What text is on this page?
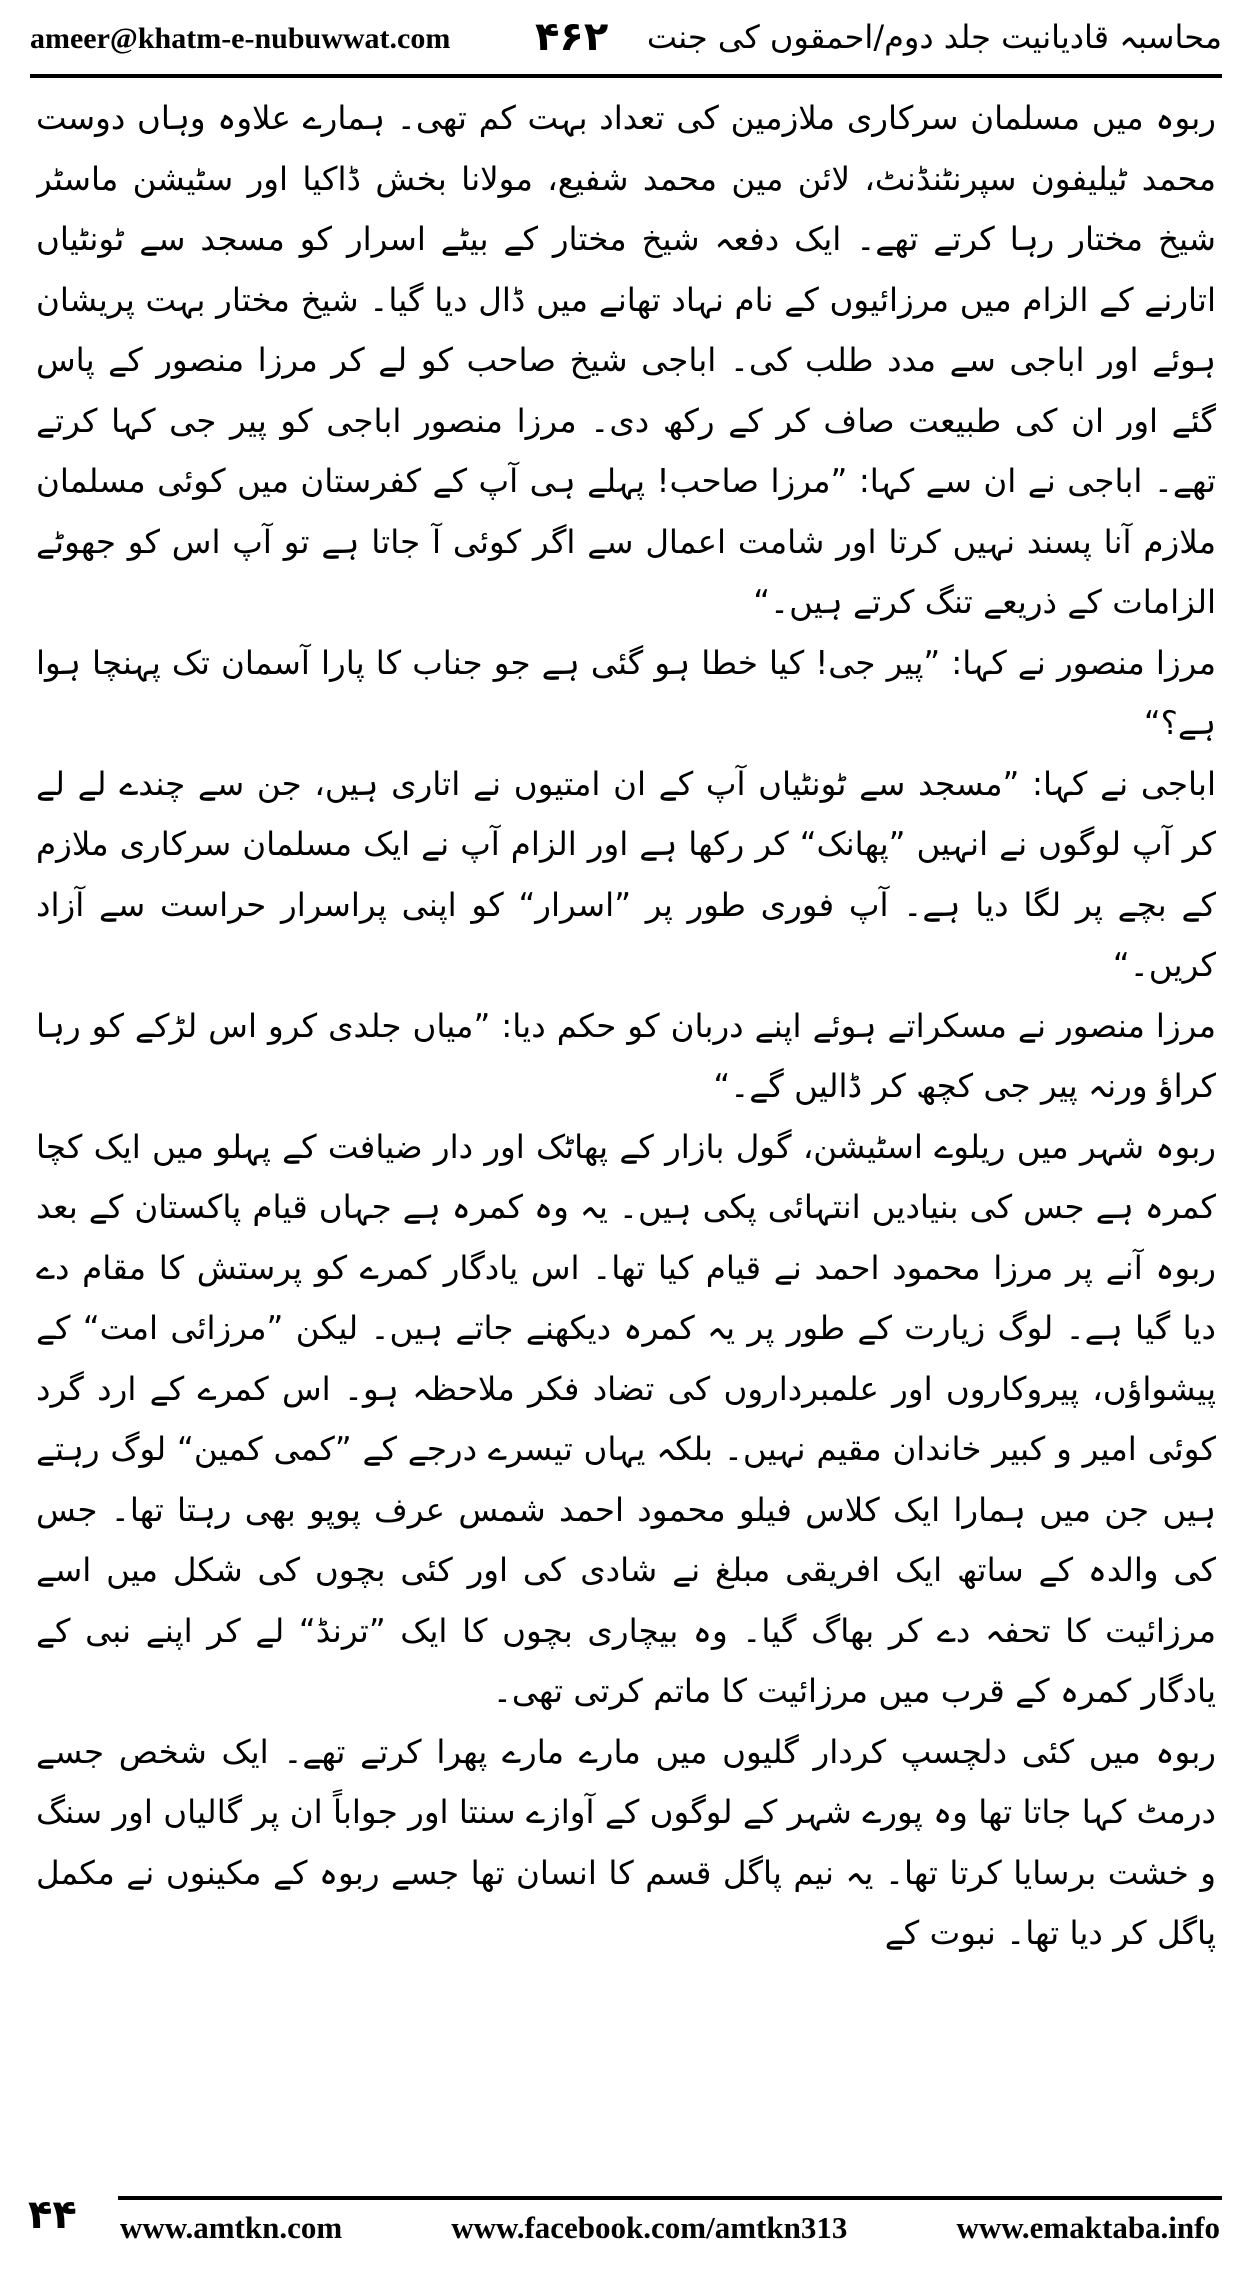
ameer@khatm-e-nubuwwat.com ۴۶۲ محاسبہ قادیانیت جلد دوم/احمقوں کی جنت

ربوہ میں مسلمان سرکاری ملازمین کی تعداد بہت کم تھی۔ ہمارے علاوہ وہاں دوست محمد ٹیلیفون سپرنٹنڈنٹ، لائن مین محمد شفیع، مولانا بخش ڈاکیا اور سٹیشن ماسٹر شیخ مختار رہا کرتے تھے۔ ایک دفعہ شیخ مختار کے بیٹے اسرار کو مسجد سے ٹونٹیاں اتارنے کے الزام میں مرزائیوں کے نام نہاد تھانے میں ڈال دیا گیا۔ شیخ مختار بہت پریشان ہوئے اور اباجی سے مدد طلب کی۔ اباجی شیخ صاحب کو لے کر مرزا منصور کے پاس گئے اور ان کی طبیعت صاف کر کے رکھ دی۔ مرزا منصور اباجی کو پیر جی کہا کرتے تھے۔ اباجی نے ان سے کہا: ”مرزا صاحب! پہلے ہی آپ کے کفرستان میں کوئی مسلمان ملازم آنا پسند نہیں کرتا اور شامت اعمال سے اگر کوئی آ جاتا ہے تو آپ اس کو جھوٹے الزامات کے ذریعے تنگ کرتے ہیں۔“

مرزا منصور نے کہا: ”پیر جی! کیا خطا ہو گئی ہے جو جناب کا پارا آسمان تک پہنچا ہوا ہے؟“

اباجی نے کہا: ”مسجد سے ٹونٹیاں آپ کے ان امتیوں نے اتاری ہیں، جن سے چندے لے لے کر آپ لوگوں نے انہیں ”پھانک“ کر رکھا ہے اور الزام آپ نے ایک مسلمان سرکاری ملازم کے بچے پر لگا دیا ہے۔ آپ فوری طور پر ”اسرار“ کو اپنی پراسرار حراست سے آزاد کریں۔“

مرزا منصور نے مسکراتے ہوئے اپنے دربان کو حکم دیا: ”میاں جلدی کرو اس لڑکے کو رہا کراؤ ورنہ پیر جی کچھ کر ڈالیں گے۔“

ربوہ شہر میں ریلوے اسٹیشن، گول بازار کے پھاٹک اور دار ضیافت کے پہلو میں ایک کچا کمرہ ہے جس کی بنیادیں انتہائی پکی ہیں۔ یہ وہ کمرہ ہے جہاں قیام پاکستان کے بعد ربوہ آنے پر مرزا محمود احمد نے قیام کیا تھا۔ اس یادگار کمرے کو پرستش کا مقام دے دیا گیا ہے۔ لوگ زیارت کے طور پر یہ کمرہ دیکھنے جاتے ہیں۔ لیکن ”مرزائی امت“ کے پیشواؤں، پیروکاروں اور علمبرداروں کی تضاد فکر ملاحظہ ہو۔ اس کمرے کے ارد گرد کوئی امیر و کبیر خاندان مقیم نہیں۔ بلکہ یہاں تیسرے درجے کے ”کمی کمین“ لوگ رہتے ہیں جن میں ہمارا ایک کلاس فیلو محمود احمد شمس عرف پوپو بھی رہتا تھا۔ جس کی والدہ کے ساتھ ایک افریقی مبلغ نے شادی کی اور کئی بچوں کی شکل میں اسے مرزائیت کا تحفہ دے کر بھاگ گیا۔ وہ بیچاری بچوں کا ایک ”ترنڈ“ لے کر اپنے نبی کے یادگار کمرہ کے قرب میں مرزائیت کا ماتم کرتی تھی۔

ربوہ میں کئی دلچسپ کردار گلیوں میں مارے مارے پھرا کرتے تھے۔ ایک شخص جسے درمٹ کہا جاتا تھا وہ پورے شہر کے لوگوں کے آوازے سنتا اور جواباً ان پر گالیاں اور سنگ و خشت برسایا کرتا تھا۔ یہ نیم پاگل قسم کا انسان تھا جسے ربوہ کے مکینوں نے مکمل پاگل کر دیا تھا۔ نبوت کے

۴۴ www.amtkn.com	www.facebook.com/amtkn313	www.emaktaba.info
